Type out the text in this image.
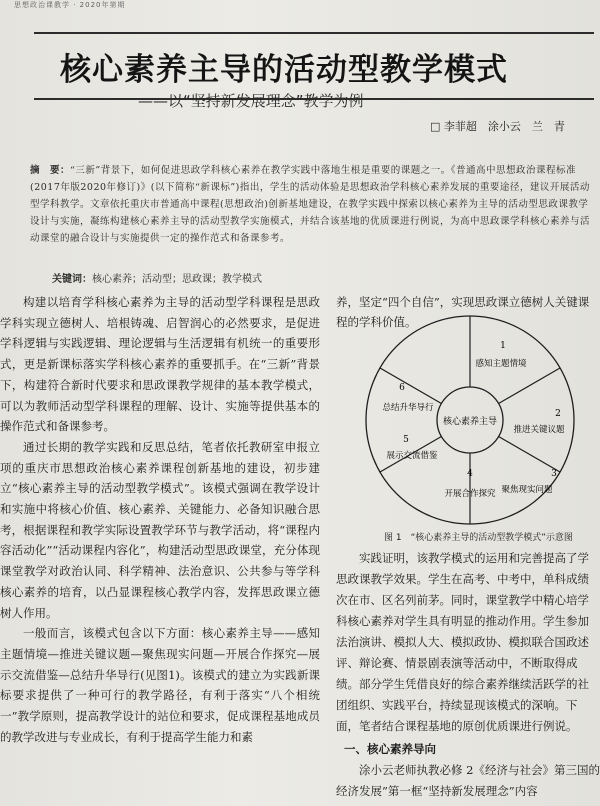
思想政治课教学 · 2020年第期
核心素养主导的活动型教学模式
——以“坚持新发展理念”教学为例
□ 李菲超　涂小云　兰　青
摘　要：“三新”背景下，如何促进思政学科核心素养在教学实践中落地生根是重要的课题之一。《普通高中思想政治课程标准(2017年版2020年修订)》(以下简称“新课标”)指出，学生的活动体验是思想政治学科核心素养发展的重要途径，建议开展活动型学科教学。文章依托重庆市普通高中课程(思想政治)创新基地建设，在教学实践中探索以核心素养为主导的活动型思政课教学设计与实施，凝练构建核心素养主导的活动型教学实施模式，并结合该基地的优质课进行例说，为高中思政课学科核心素养与活动课堂的融合设计与实施提供一定的操作范式和备课参考。
关键词：核心素养；活动型；思政课；教学模式

构建以培育学科核心素养为主导的活动型学科课程是思政学科实现立德树人、培根铸魂、启智润心的必然要求，是促进学科逻辑与实践逻辑、理论逻辑与生活逻辑有机统一的重要形式，更是新课标落实学科核心素养的重要抓手。在“三新”背景下，构建符合新时代要求和思政课教学规律的基本教学模式，可以为教师活动型学科课程的理解、设计、实施等提供基本的操作范式和备课参考。

通过长期的教学实践和反思总结，笔者依托教研室申报立项的重庆市思想政治核心素养课程创新基地的建设，初步建立“核心素养主导的活动型教学模式”。该模式强调在教学设计和实施中将核心价值、核心素养、关键能力、必备知识融合思考，根据课程和教学实际设置教学环节与教学活动，将“课程内容活动化”“活动课程内容化”，构建活动型思政课堂，充分体现课堂教学对政治认同、科学精神、法治意识、公共参与等学科核心素养的培育，以凸显课程核心教学内容，发挥思政课立德树人作用。

一般而言，该模式包含以下方面：核心素养主导——感知主题情境—推进关键议题—聚焦现实问题—开展合作探究—展示交流借鉴—总结升华导行(见图1)。该模式的建立为实践新课标要求提供了一种可行的教学路径，有利于落实“八个相统一”教学原则，提高教学设计的站位和要求，促成课程基地成员的教学改进与专业成长，有利于提高学生能力和素

养，坚定“四个自信”，实现思政课立德树人关键课程的学科价值。

核心素养主导
1
感知主题情境
2
推进关键议题
3
聚焦现实问题
4
开展合作探究
5
展示交流借鉴
6
总结升华导行
图 1　“核心素养主导的活动型教学模式”示意图

实践证明，该教学模式的运用和完善提高了学思政课教学效果。学生在高考、中考中，单科成绩次在市、区名列前茅。同时，课堂教学中精心培学科核心素养对学生具有明显的推动作用。学生参加法治演讲、模拟人大、模拟政协、模拟联合国政述评、辩论赛、情景剧表演等活动中，不断取得成绩。部分学生凭借良好的综合素养继续活跃学的社团组织、实践平台，持续显现该模式的深响。下面，笔者结合课程基地的原创优质课进行例说。

一、核心素养导向

涂小云老师执教必修 2《经济与社会》第三国的经济发展”第一框“坚持新发展理念”内容
